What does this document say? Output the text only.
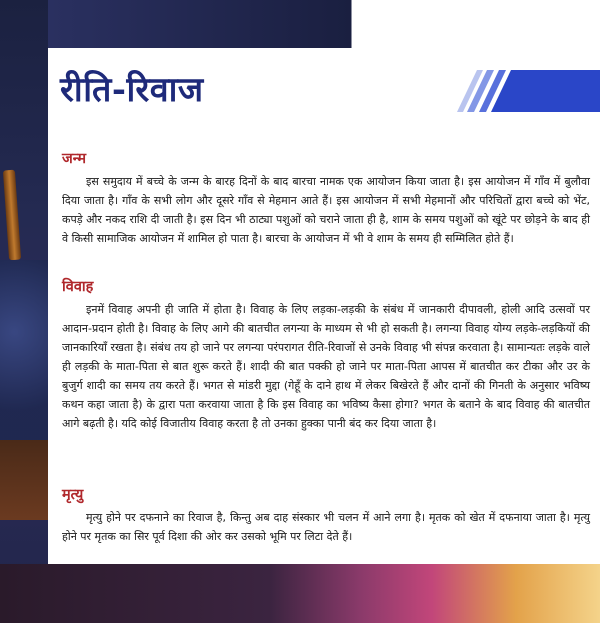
रीति-रिवाज
जन्म

इस समुदाय में बच्चे के जन्म के बारह दिनों के बाद बारचा नामक एक आयोजन किया जाता है। इस आयोजन में गाँव में बुलौवा दिया जाता है। गाँव के सभी लोग और दूसरे गाँव से मेहमान आते हैं। इस आयोजन में सभी मेहमानों और परिचितों द्वारा बच्चे को भेंट, कपड़े और नकद राशि दी जाती है। इस दिन भी ठाट्या पशुओं को चराने जाता ही है, शाम के समय पशुओं को खूंटे पर छोड़ने के बाद ही वे किसी सामाजिक आयोजन में शामिल हो पाता है। बारचा के आयोजन में भी वे शाम के समय ही सम्मिलित होते हैं।

विवाह

इनमें विवाह अपनी ही जाति में होता है। विवाह के लिए लड़का-लड़की के संबंध में जानकारी दीपावली, होली आदि उत्सवों पर आदान-प्रदान होती है। विवाह के लिए आगे की बातचीत लगन्या के माध्यम से भी हो सकती है। लगन्या विवाह योग्य लड़के-लड़कियों की जानकारियाँ रखता है। संबंध तय हो जाने पर लगन्या परंपरागत रीति-रिवाजों से उनके विवाह भी संपन्न करवाता है। सामान्यतः लड़के वाले ही लड़की के माता-पिता से बात शुरू करते हैं। शादी की बात पक्की हो जाने पर माता-पिता आपस में बातचीत कर टीका और उर के बुजुर्ग शादी का समय तय करते हैं। भगत से मांडरी मुद्दा (गेहूँ के दाने हाथ में लेकर बिखेरते हैं और दानों की गिनती के अनुसार भविष्य कथन कहा जाता है) के द्वारा पता करवाया जाता है कि इस विवाह का भविष्य कैसा होगा? भगत के बताने के बाद विवाह की बातचीत आगे बढ़ती है। यदि कोई विजातीय विवाह करता है तो उनका हुक्का पानी बंद कर दिया जाता है।

मृत्यु

मृत्यु होने पर दफनाने का रिवाज है, किन्तु अब दाह संस्कार भी चलन में आने लगा है। मृतक को खेत में दफनाया जाता है। मृत्यु होने पर मृतक का सिर पूर्व दिशा की ओर कर उसको भूमि पर लिटा देते हैं।
